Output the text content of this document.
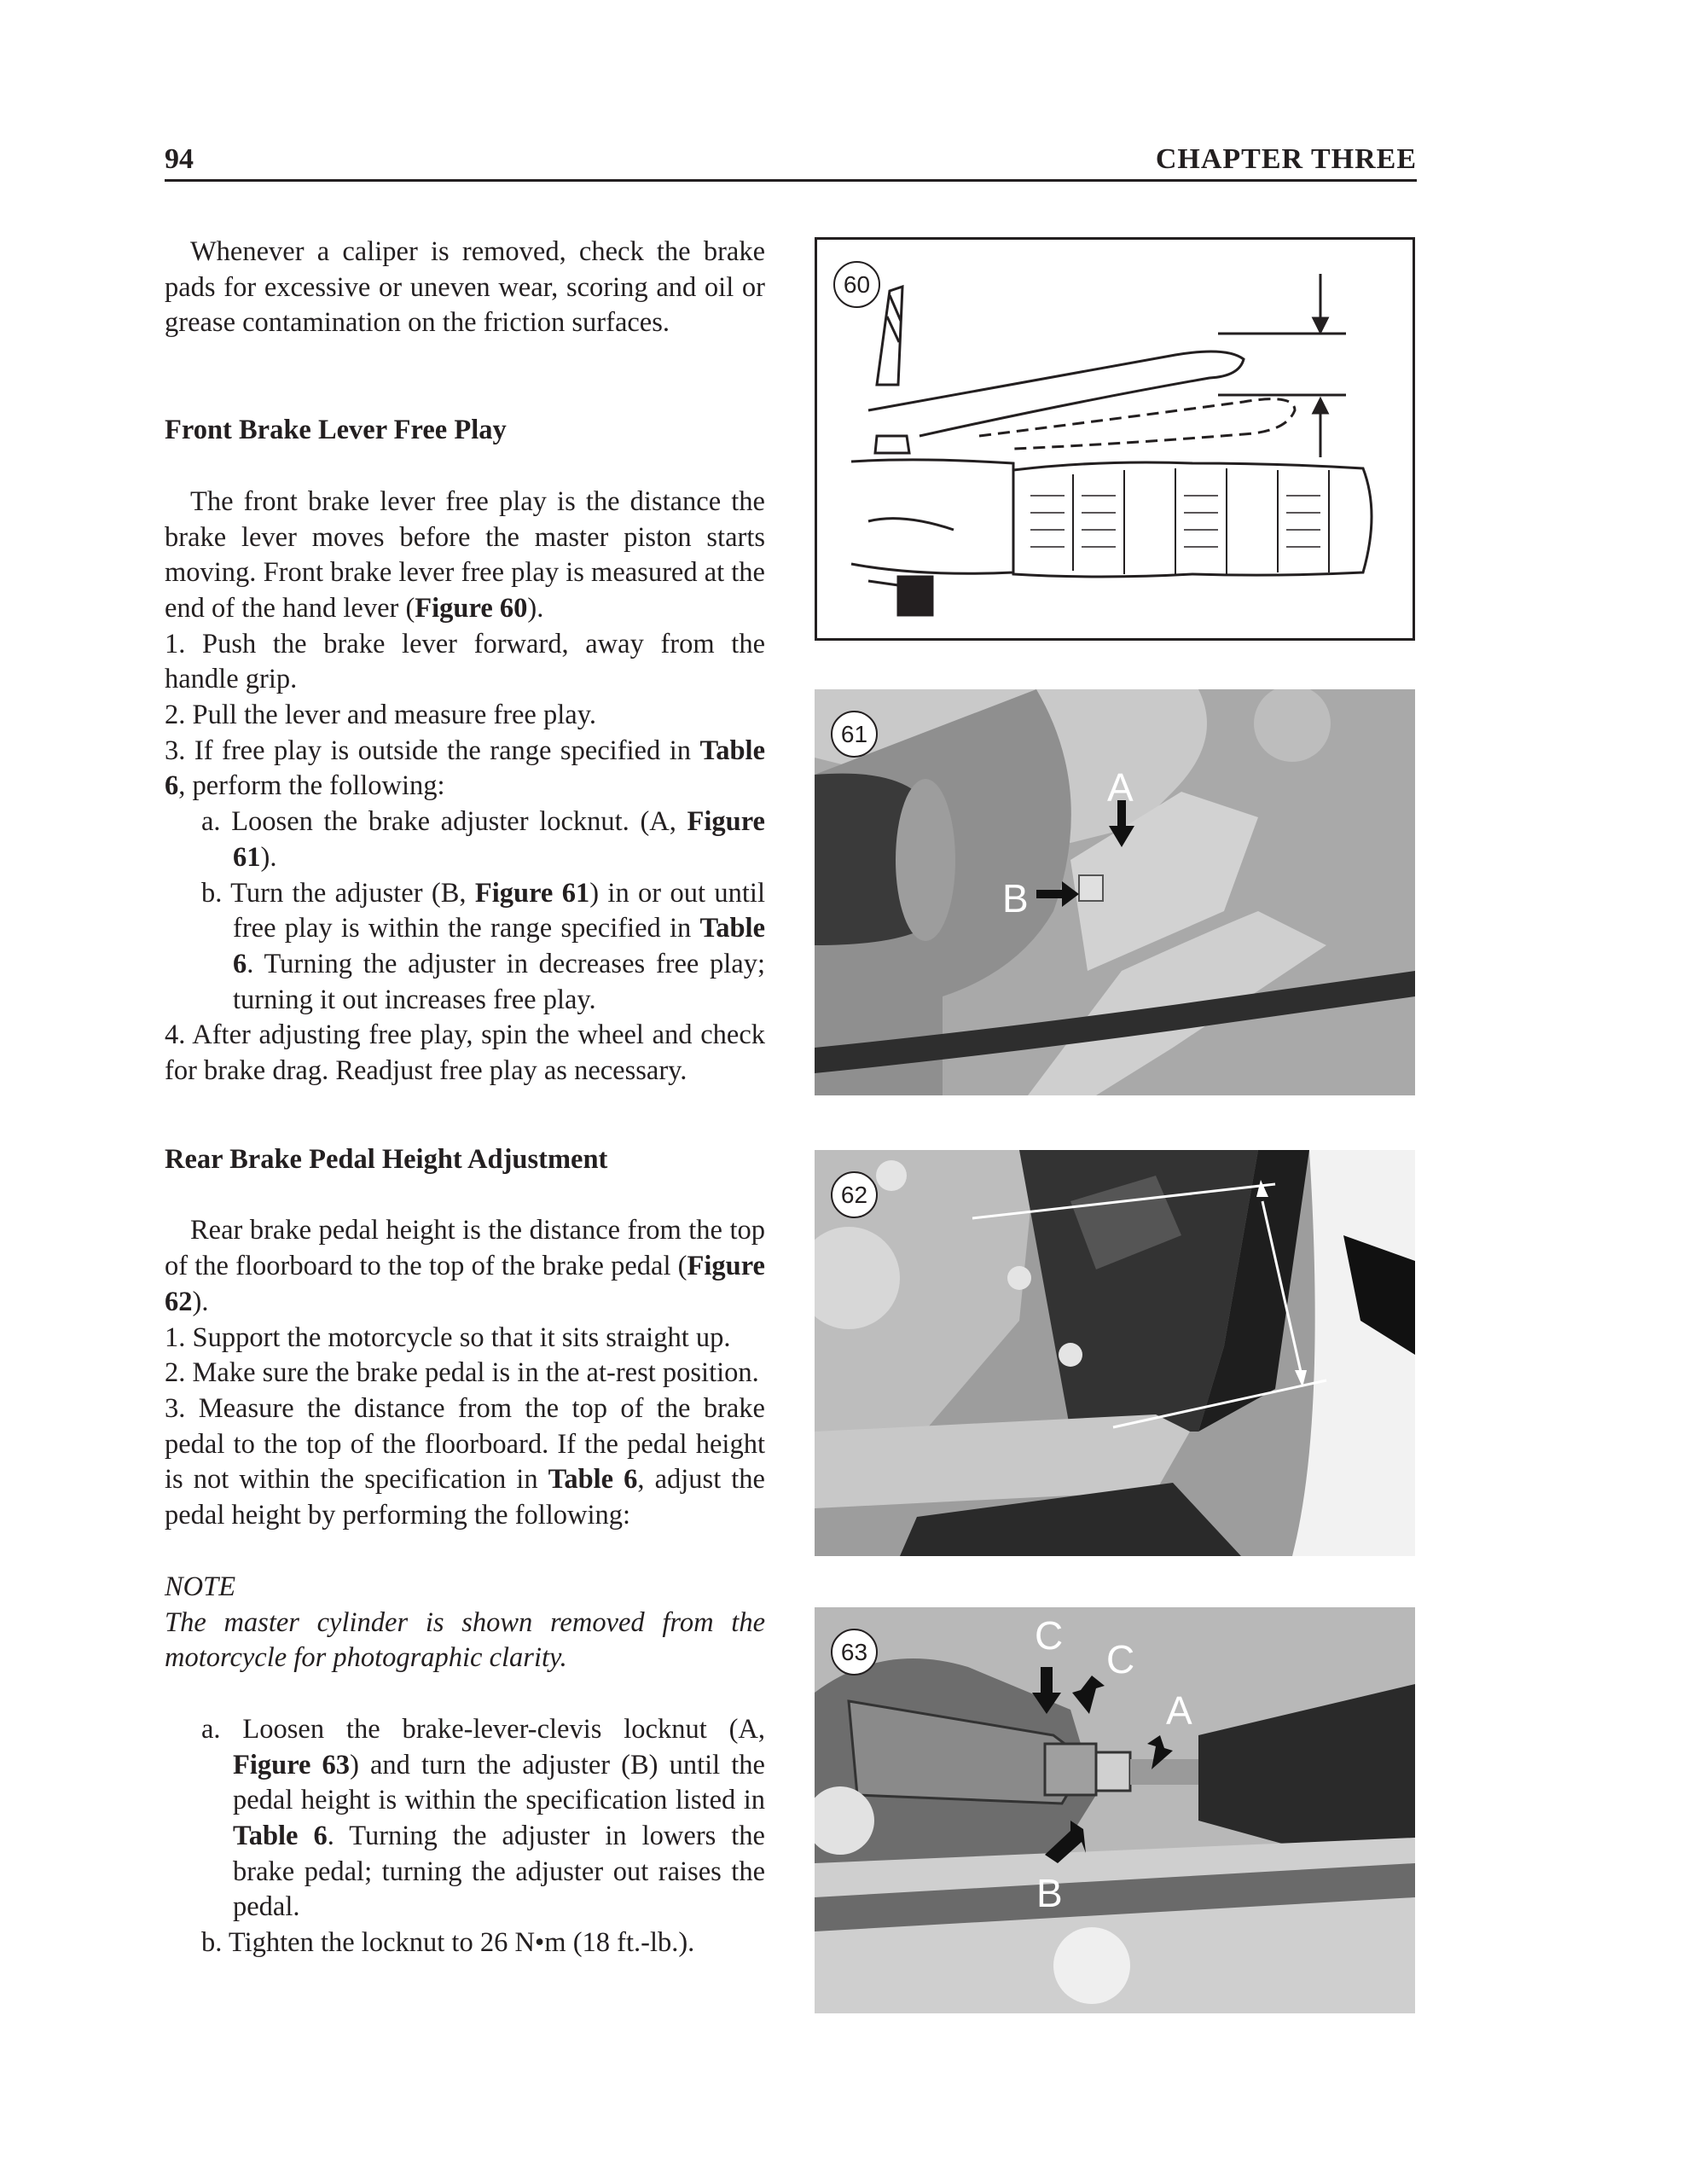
94	CHAPTER THREE

Whenever a caliper is removed, check the brake pads for excessive or uneven wear, scoring and oil or grease contamination on the friction surfaces.

Front Brake Lever Free Play

The front brake lever free play is the distance the brake lever moves before the master piston starts moving. Front brake lever free play is measured at the end of the hand lever (Figure 60).

1. Push the brake lever forward, away from the handle grip.

2. Pull the lever and measure free play.

3. If free play is outside the range specified in Table 6, perform the following:

a. Loosen the brake adjuster locknut. (A, Figure 61).

b. Turn the adjuster (B, Figure 61) in or out until free play is within the range specified in Table 6. Turning the adjuster in decreases free play; turning it out increases free play.

4. After adjusting free play, spin the wheel and check for brake drag. Readjust free play as necessary.

Rear Brake Pedal Height Adjustment

Rear brake pedal height is the distance from the top of the floorboard to the top of the brake pedal (Figure 62).

1. Support the motorcycle so that it sits straight up.

2. Make sure the brake pedal is in the at-rest position.

3. Measure the distance from the top of the brake pedal to the top of the floorboard. If the pedal height is not within the specification in Table 6, adjust the pedal height by performing the following:

NOTE

The master cylinder is shown removed from the motorcycle for photographic clarity.

a. Loosen the brake-lever-clevis locknut (A, Figure 63) and turn the adjuster (B) until the pedal height is within the specification listed in Table 6. Turning the adjuster in lowers the brake pedal; turning the adjuster out raises the pedal.

b. Tighten the locknut to 26 N•m (18 ft.-lb.).

60
61
A
B
62
63	C
C
A
B
